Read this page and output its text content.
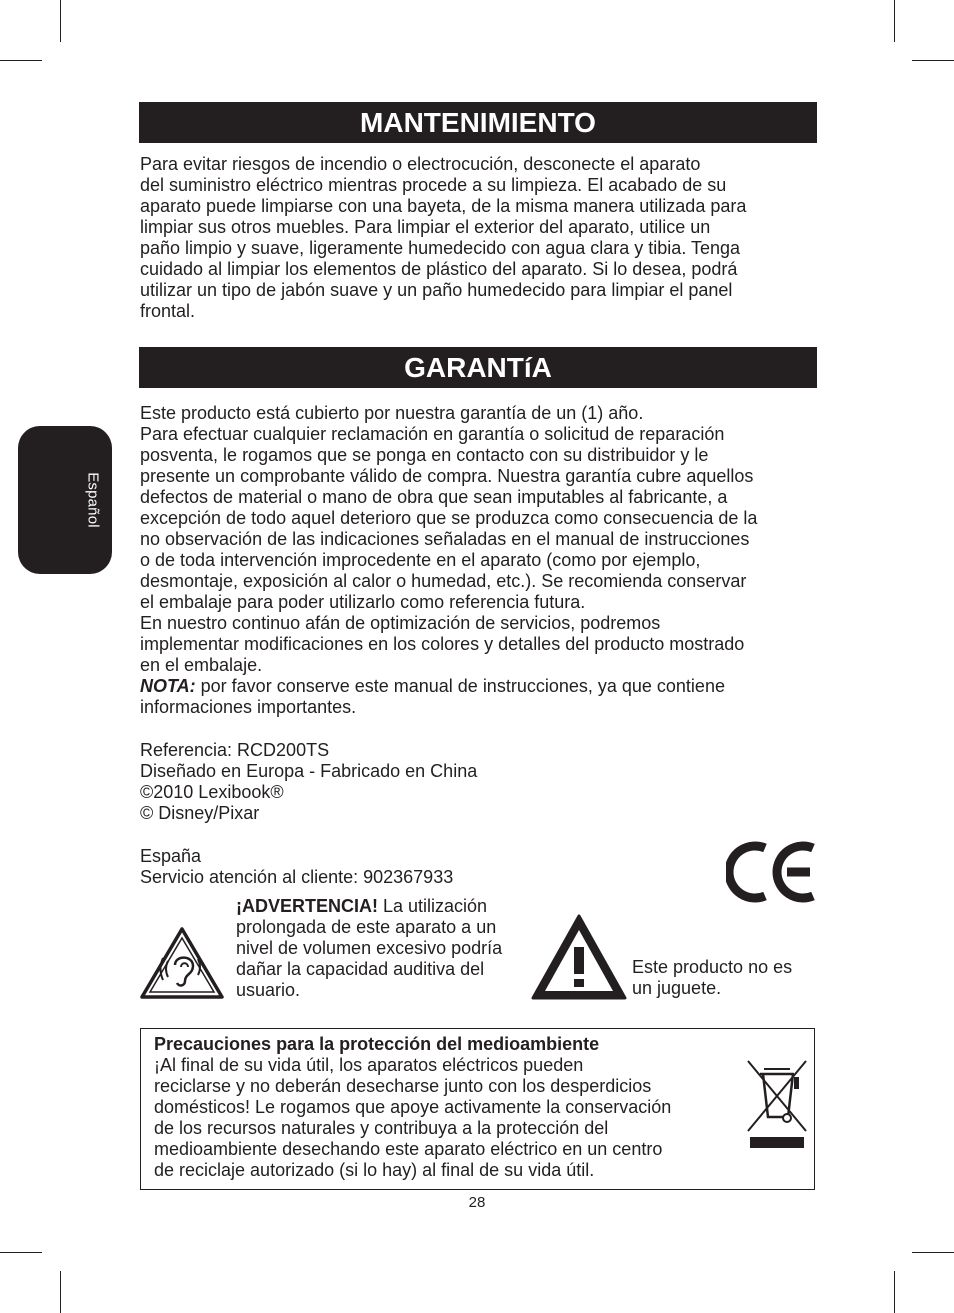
Español
MANTENIMIENTO
Para evitar riesgos de incendio o electrocución, desconecte el aparato
del suministro eléctrico mientras procede a su limpieza. El acabado de su
aparato puede limpiarse con una bayeta, de la misma manera utilizada para
limpiar sus otros muebles. Para limpiar el exterior del aparato, utilice un
paño limpio y suave, ligeramente humedecido con agua clara y tibia. Tenga
cuidado al limpiar los elementos de plástico del aparato. Si lo desea, podrá
utilizar un tipo de jabón suave y un paño humedecido para limpiar el panel
frontal.
GARANTíA
Este producto está cubierto por nuestra garantía de un (1) año.
Para efectuar cualquier reclamación en garantía o solicitud de reparación
posventa, le rogamos que se ponga en contacto con su distribuidor y le
presente un comprobante válido de compra. Nuestra garantía cubre aquellos
defectos de material o mano de obra que sean imputables al fabricante, a
excepción de todo aquel deterioro que se produzca como consecuencia de la
no observación de las indicaciones señaladas en el manual de instrucciones
o de toda intervención improcedente en el aparato (como por ejemplo,
desmontaje, exposición al calor o humedad, etc.). Se recomienda conservar
el embalaje para poder utilizarlo como referencia futura.
En nuestro continuo afán de optimización de servicios, podremos
implementar modificaciones en los colores y detalles del producto mostrado
en el embalaje.
NOTA: por favor conserve este manual de instrucciones, ya que contiene
informaciones importantes.
Referencia: RCD200TS
Diseñado en Europa - Fabricado en China
©2010 Lexibook®
© Disney/Pixar
España
Servicio atención al cliente: 902367933
¡ADVERTENCIA! La utilización
prolongada de este aparato a un
nivel de volumen excesivo podría
dañar la capacidad auditiva del
usuario.
Este producto no es
un juguete.
Precauciones para la protección del medioambiente
¡Al final de su vida útil, los aparatos eléctricos pueden
reciclarse y no deberán desecharse junto con los desperdicios
domésticos! Le rogamos que apoye activamente la conservación
de los recursos naturales y contribuya a la protección del
medioambiente desechando este aparato eléctrico en un centro
de reciclaje autorizado (si lo hay) al final de su vida útil.
28
